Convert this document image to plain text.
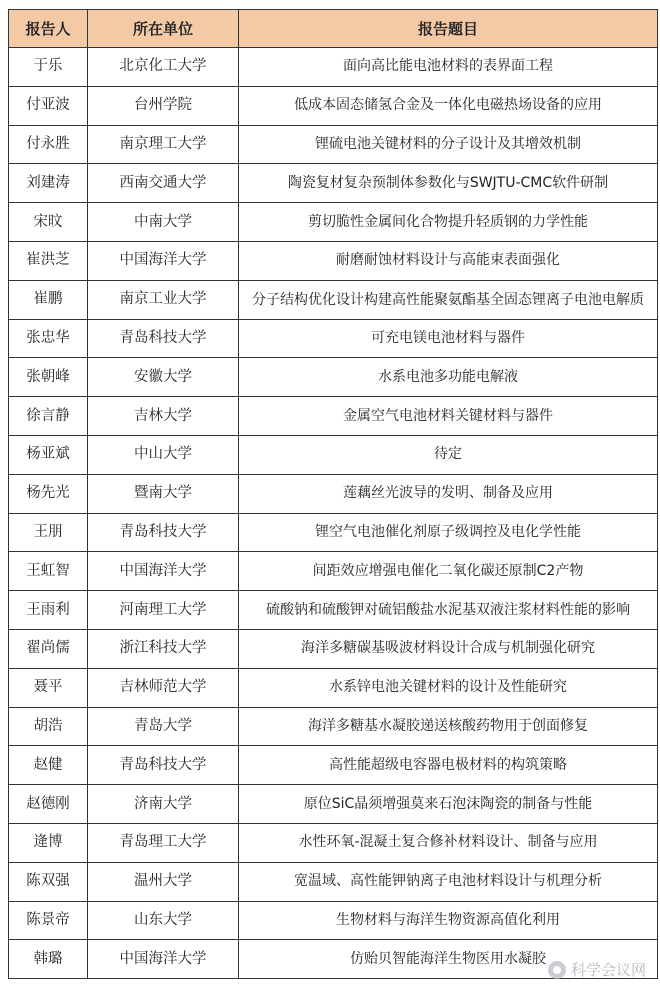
报告人	所在单位	报告题目
于乐	北京化工大学	面向高比能电池材料的表界面工程
付亚波	台州学院	低成本固态储氢合金及一体化电磁热场设备的应用
付永胜	南京理工大学	锂硫电池关键材料的分子设计及其增效机制
刘建涛	西南交通大学	陶瓷复材复杂预制体参数化与SWJTU-CMC软件研制
宋旼	中南大学	剪切脆性金属间化合物提升轻质钢的力学性能
崔洪芝	中国海洋大学	耐磨耐蚀材料设计与高能束表面强化
崔鹏	南京工业大学	分子结构优化设计构建高性能聚氨酯基全固态锂离子电池电解质
张忠华	青岛科技大学	可充电镁电池材料与器件
张朝峰	安徽大学	水系电池多功能电解液
徐言静	吉林大学	金属空气电池材料关键材料与器件
杨亚斌	中山大学	待定
杨先光	暨南大学	莲藕丝光波导的发明、制备及应用
王朋	青岛科技大学	锂空气电池催化剂原子级调控及电化学性能
王虹智	中国海洋大学	间距效应增强电催化二氧化碳还原制C2产物
王雨利	河南理工大学	硫酸钠和硫酸钾对硫铝酸盐水泥基双液注浆材料性能的影响
翟尚儒	浙江科技大学	海洋多糖碳基吸波材料设计合成与机制强化研究
聂平	吉林师范大学	水系锌电池关键材料的设计及性能研究
胡浩	青岛大学	海洋多糖基水凝胶递送核酸药物用于创面修复
赵健	青岛科技大学	高性能超级电容器电极材料的构筑策略
赵德刚	济南大学	原位SiC晶须增强莫来石泡沫陶瓷的制备与性能
逄博	青岛理工大学	水性环氧-混凝土复合修补材料设计、制备与应用
陈双强	温州大学	宽温域、高性能钾钠离子电池材料设计与机理分析
陈景帝	山东大学	生物材料与海洋生物资源高值化利用
韩璐	中国海洋大学	仿贻贝智能海洋生物医用水凝胶
科学会议网
